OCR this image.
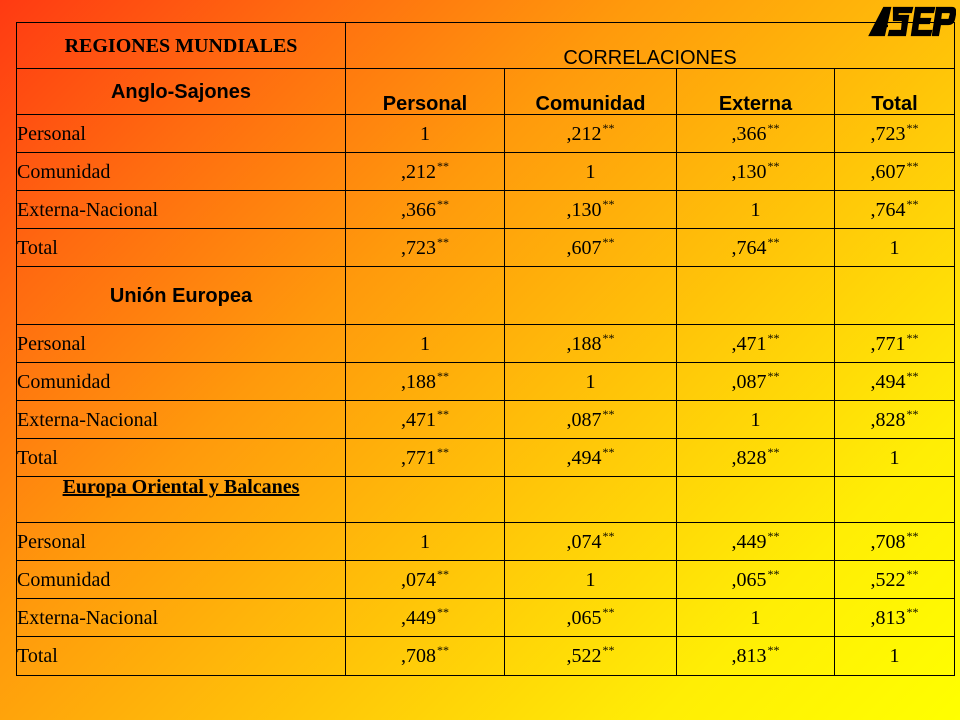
REGIONES MUNDIALES	CORRELACIONES			
Anglo-Sajones	Personal	Comunidad	Externa	Total
Personal	1	,212**	,366**	,723**
Comunidad	,212**	1	,130**	,607**
Externa-Nacional	,366**	,130**	1	,764**
Total	,723**	,607**	,764**	1
Unión Europea				
Personal	1	,188**	,471**	,771**
Comunidad	,188**	1	,087**	,494**
Externa-Nacional	,471**	,087**	1	,828**
Total	,771**	,494**	,828**	1
Europa Oriental y Balcanes				
Personal	1	,074**	,449**	,708**
Comunidad	,074**	1	,065**	,522**
Externa-Nacional	,449**	,065**	1	,813**
Total	,708**	,522**	,813**	1
